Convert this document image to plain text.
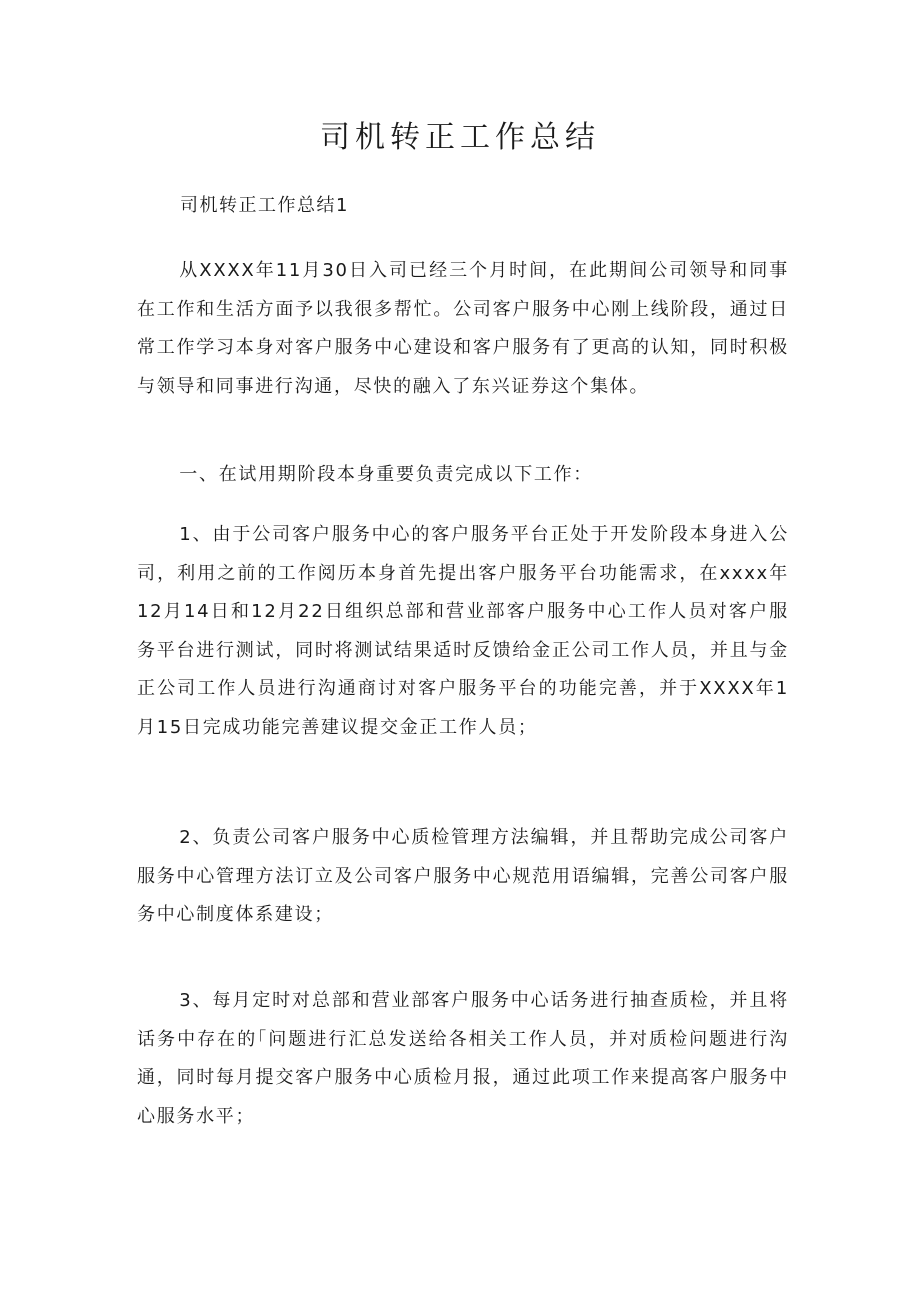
司机转正工作总结

司机转正工作总结1

从XXXX年11月30日入司已经三个月时间，在此期间公司领导和同事在工作和生活方面予以我很多帮忙。公司客户服务中心刚上线阶段，通过日常工作学习本身对客户服务中心建设和客户服务有了更高的认知，同时积极与领导和同事进行沟通，尽快的融入了东兴证券这个集体。

一、在试用期阶段本身重要负责完成以下工作：

1、由于公司客户服务中心的客户服务平台正处于开发阶段本身进入公司，利用之前的工作阅历本身首先提出客户服务平台功能需求，在xxxx年12月14日和12月22日组织总部和营业部客户服务中心工作人员对客户服务平台进行测试，同时将测试结果适时反馈给金正公司工作人员，并且与金正公司工作人员进行沟通商讨对客户服务平台的功能完善，并于XXXX年1月15日完成功能完善建议提交金正工作人员；

2、负责公司客户服务中心质检管理方法编辑，并且帮助完成公司客户服务中心管理方法订立及公司客户服务中心规范用语编辑，完善公司客户服务中心制度体系建设；

3、每月定时对总部和营业部客户服务中心话务进行抽查质检，并且将话务中存在的｢问题进行汇总发送给各相关工作人员，并对质检问题进行沟通，同时每月提交客户服务中心质检月报，通过此项工作来提高客户服务中心服务水平；
